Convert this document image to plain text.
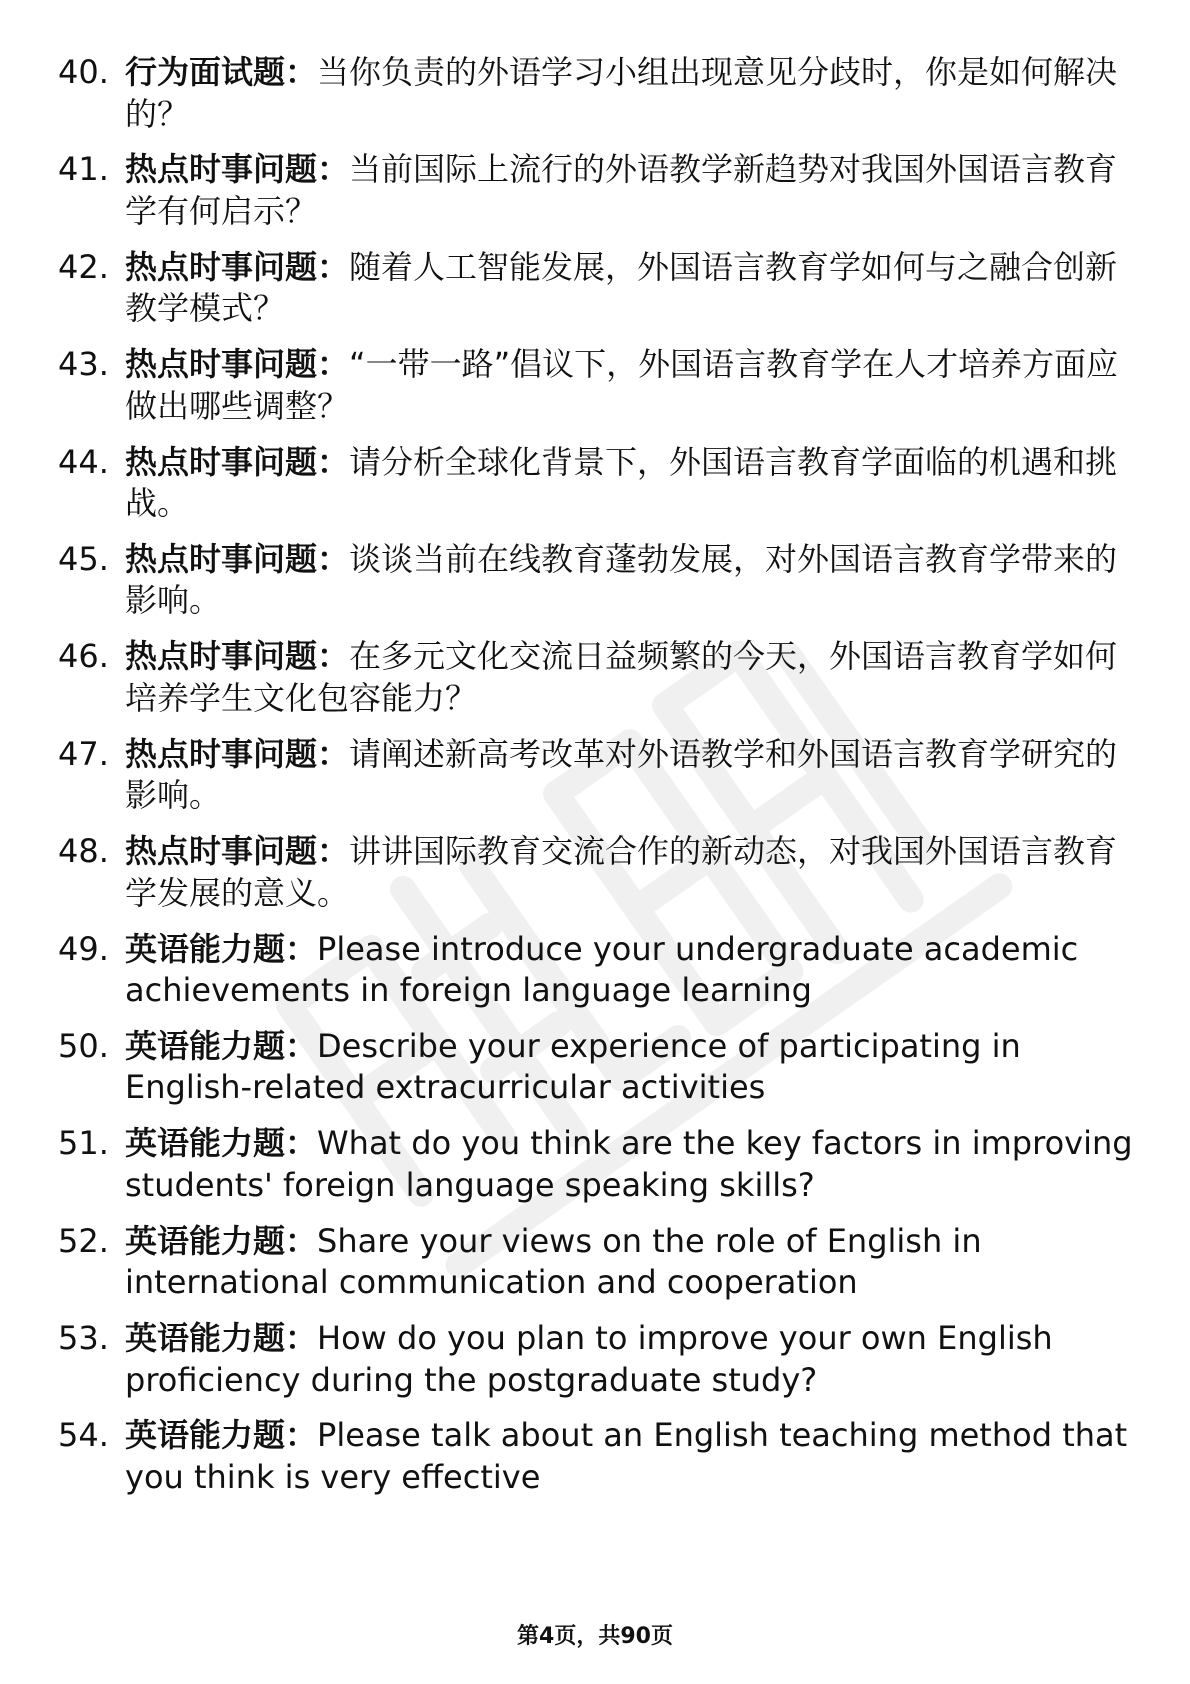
40. 行为面试题：当你负责的外语学习小组出现意见分歧时，你是如何解决的？
41. 热点时事问题：当前国际上流行的外语教学新趋势对我国外国语言教育学有何启示？
42. 热点时事问题：随着人工智能发展，外国语言教育学如何与之融合创新教学模式？
43. 热点时事问题：“一带一路”倡议下，外国语言教育学在人才培养方面应做出哪些调整？
44. 热点时事问题：请分析全球化背景下，外国语言教育学面临的机遇和挑战。
45. 热点时事问题：谈谈当前在线教育蓬勃发展，对外国语言教育学带来的影响。
46. 热点时事问题：在多元文化交流日益频繁的今天，外国语言教育学如何培养学生文化包容能力？
47. 热点时事问题：请阐述新高考改革对外语教学和外国语言教育学研究的影响。
48. 热点时事问题：讲讲国际教育交流合作的新动态，对我国外国语言教育学发展的意义。
49. 英语能力题：Please introduce your undergraduate academic achievements in foreign language learning
50. 英语能力题：Describe your experience of participating in English-related extracurricular activities
51. 英语能力题：What do you think are the key factors in improving students' foreign language speaking skills?
52. 英语能力题：Share your views on the role of English in international communication and cooperation
53. 英语能力题：How do you plan to improve your own English proficiency during the postgraduate study?
54. 英语能力题：Please talk about an English teaching method that you think is very effective
第4页，共90页
